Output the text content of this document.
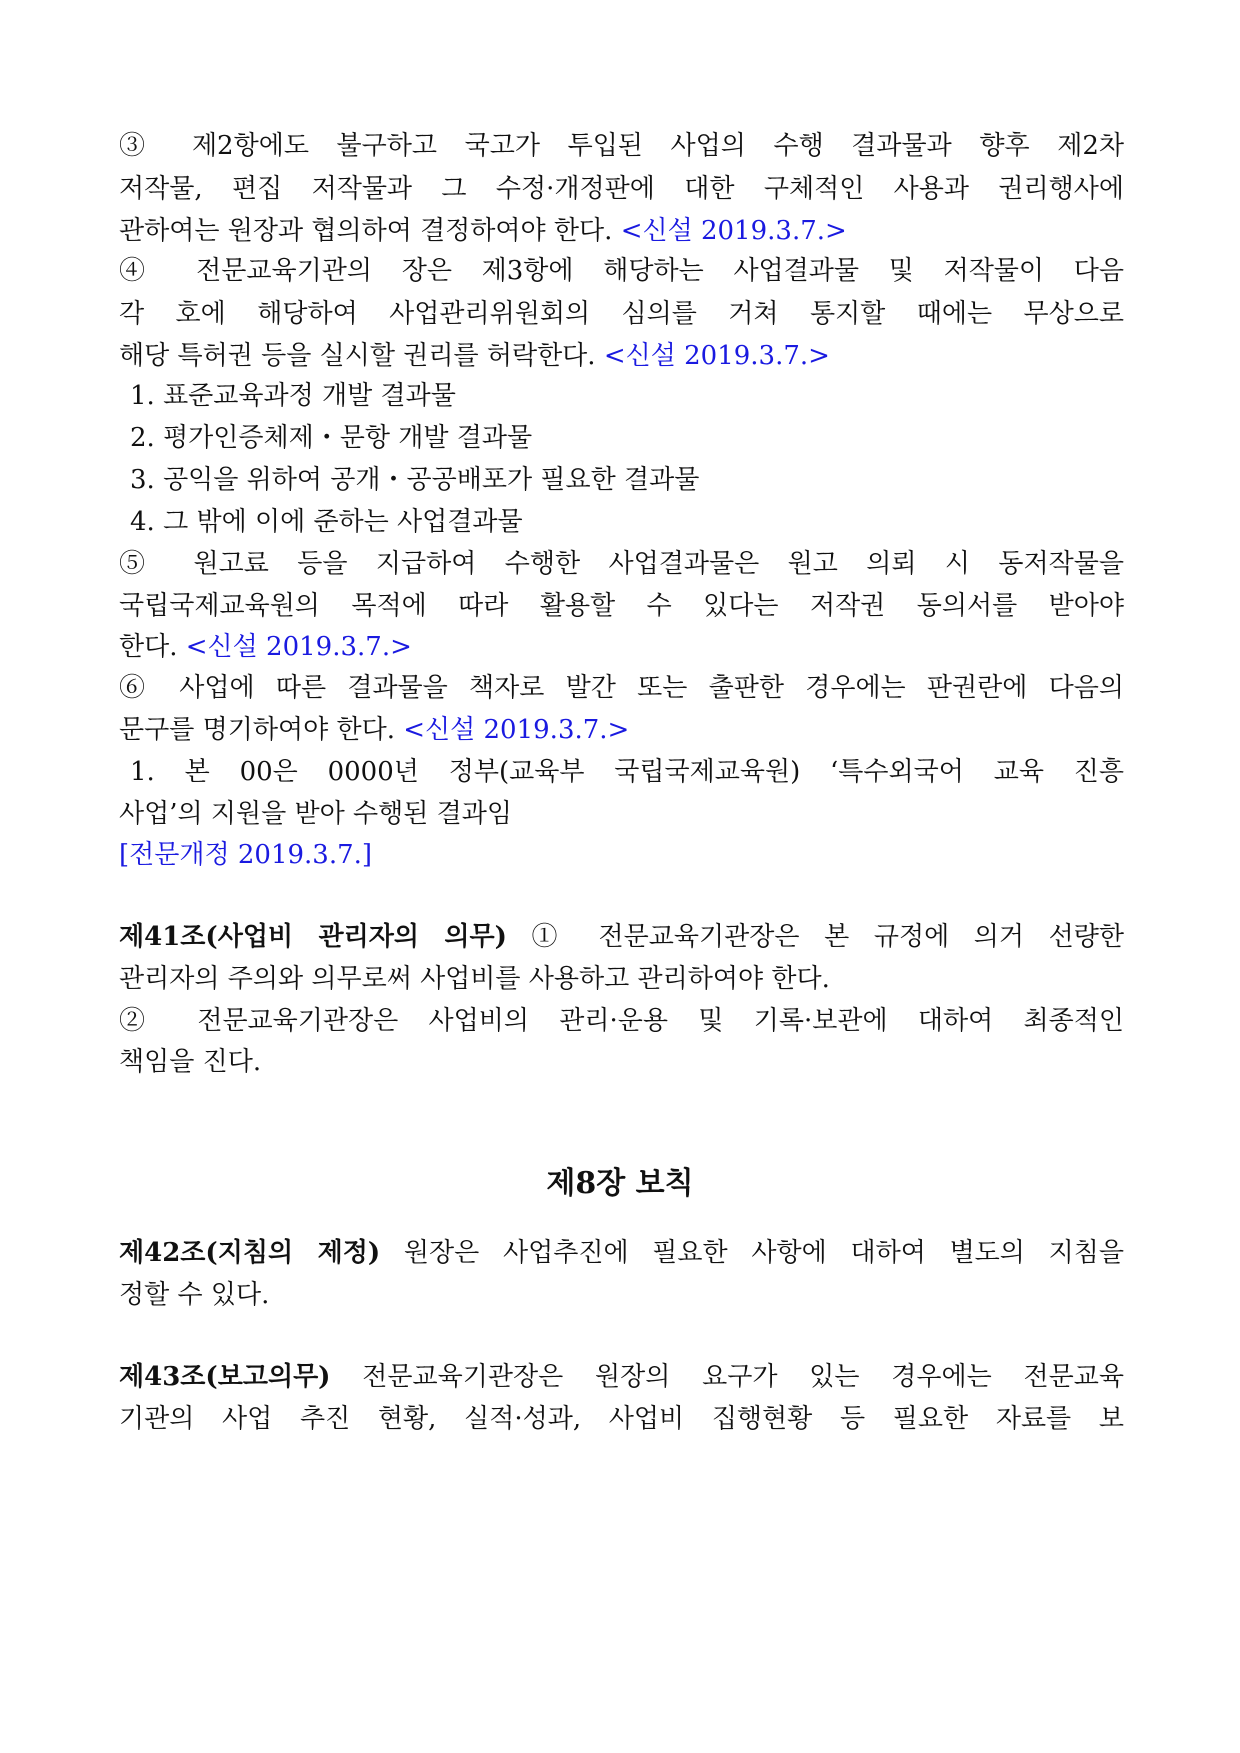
③ 제2항에도 불구하고 국고가 투입된 사업의 수행 결과물과 향후 제2차
저작물, 편집 저작물과 그 수정·개정판에 대한 구체적인 사용과 권리행사에
관하여는 원장과 협의하여 결정하여야 한다. <신설 2019.3.7.>
④ 전문교육기관의 장은 제3항에 해당하는 사업결과물 및 저작물이 다음
각 호에 해당하여 사업관리위원회의 심의를 거쳐 통지할 때에는 무상으로
해당 특허권 등을 실시할 권리를 허락한다. <신설 2019.3.7.>
1. 표준교육과정 개발 결과물
2. 평가인증체제・문항 개발 결과물
3. 공익을 위하여 공개・공공배포가 필요한 결과물
4. 그 밖에 이에 준하는 사업결과물
⑤ 원고료 등을 지급하여 수행한 사업결과물은 원고 의뢰 시 동저작물을
국립국제교육원의 목적에 따라 활용할 수 있다는 저작권 동의서를 받아야
한다. <신설 2019.3.7.>
⑥ 사업에 따른 결과물을 책자로 발간 또는 출판한 경우에는 판권란에 다음의
문구를 명기하여야 한다. <신설 2019.3.7.>
1. 본 00은 0000년 정부(교육부 국립국제교육원) ‘특수외국어 교육 진흥
사업’의 지원을 받아 수행된 결과임
[전문개정 2019.3.7.]
제41조(사업비 관리자의 의무) ① 전문교육기관장은 본 규정에 의거 선량한
관리자의 주의와 의무로써 사업비를 사용하고 관리하여야 한다.
② 전문교육기관장은 사업비의 관리·운용 및 기록·보관에 대하여 최종적인
책임을 진다.
제8장 보칙
제42조(지침의 제정) 원장은 사업추진에 필요한 사항에 대하여 별도의 지침을
정할 수 있다.
제43조(보고의무) 전문교육기관장은 원장의 요구가 있는 경우에는 전문교육
기관의 사업 추진 현황, 실적·성과, 사업비 집행현황 등 필요한 자료를 보
